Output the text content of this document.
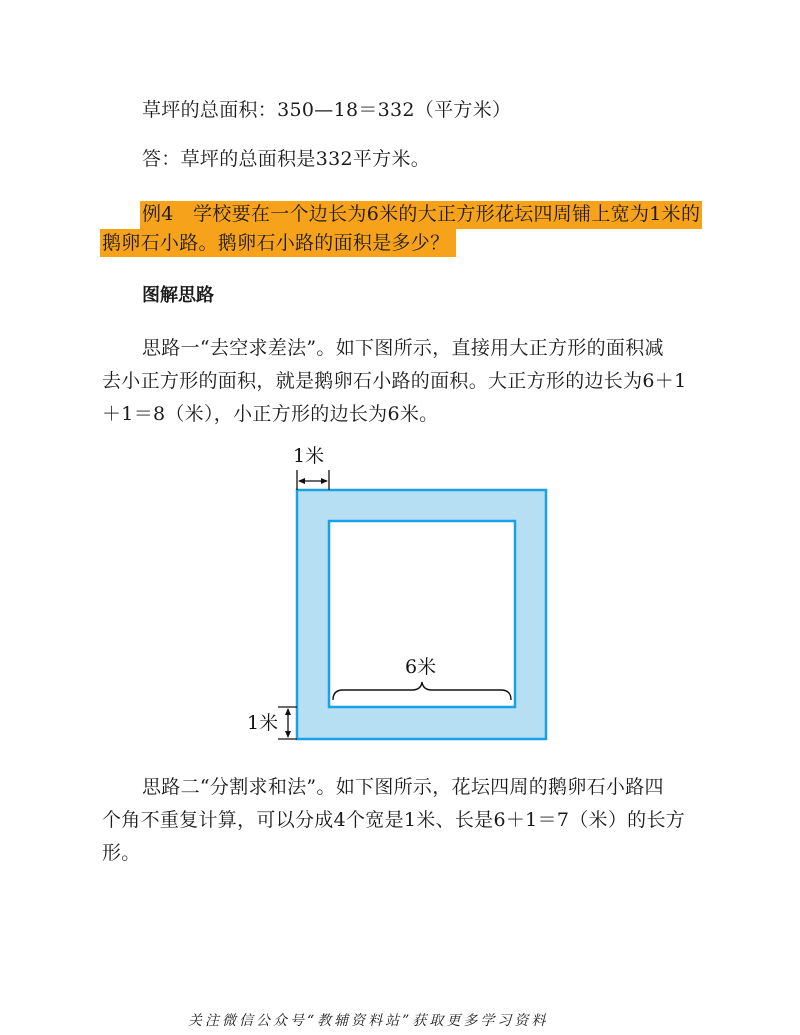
草坪的总面积：350—18＝332（平方米）
答：草坪的总面积是332平方米。
例4　学校要在一个边长为6米的大正方形花坛四周铺上宽为1米的
鹅卵石小路。鹅卵石小路的面积是多少？
图解思路
思路一“去空求差法”。如下图所示，直接用大正方形的面积减
去小正方形的面积，就是鹅卵石小路的面积。大正方形的边长为6＋1
＋1＝8（米），小正方形的边长为6米。
1米
6米
1米
思路二“分割求和法”。如下图所示，花坛四周的鹅卵石小路四
个角不重复计算，可以分成4个宽是1米、长是6＋1＝7（米）的长方
形。
关注微信公众号“教辅资料站”获取更多学习资料
